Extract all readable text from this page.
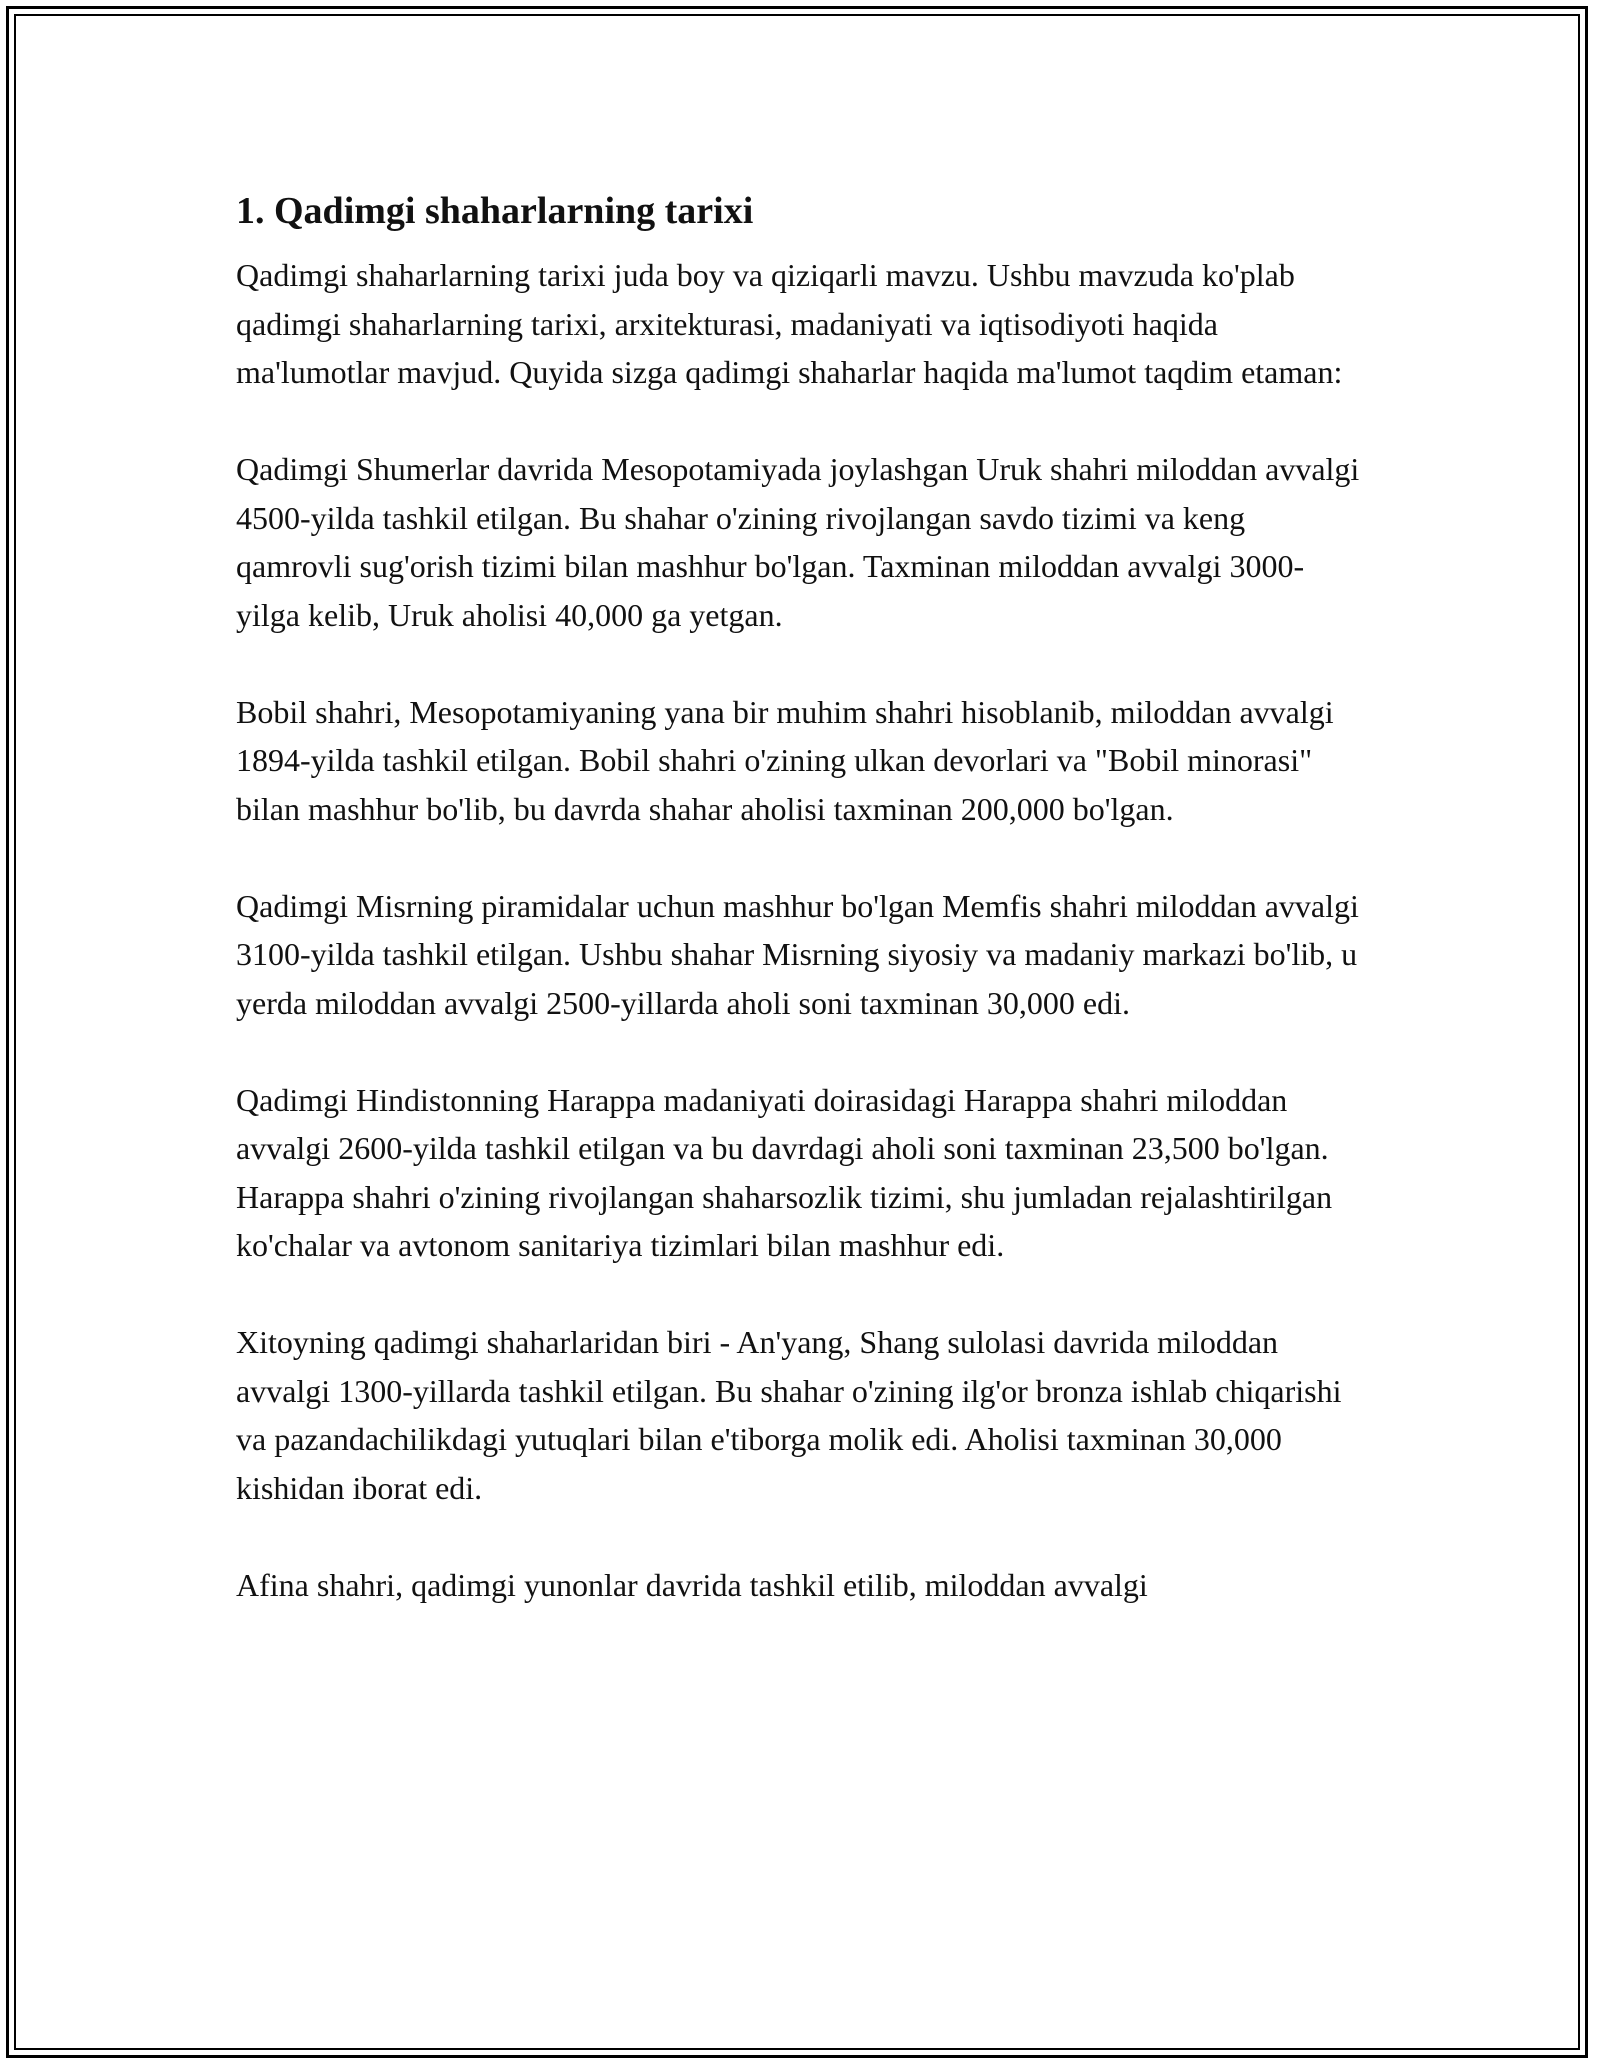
1. Qadimgi shaharlarning tarixi

Qadimgi shaharlarning tarixi juda boy va qiziqarli mavzu. Ushbu mavzuda ko'plab qadimgi shaharlarning tarixi, arxitekturasi, madaniyati va iqtisodiyoti haqida ma'lumotlar mavjud. Quyida sizga qadimgi shaharlar haqida ma'lumot taqdim etaman:

Qadimgi Shumerlar davrida Mesopotamiyada joylashgan Uruk shahri miloddan avvalgi 4500-yilda tashkil etilgan. Bu shahar o'zining rivojlangan savdo tizimi va keng qamrovli sug'orish tizimi bilan mashhur bo'lgan. Taxminan miloddan avvalgi 3000-yilga kelib, Uruk aholisi 40,000 ga yetgan.

Bobil shahri, Mesopotamiyaning yana bir muhim shahri hisoblanib, miloddan avvalgi 1894-yilda tashkil etilgan. Bobil shahri o'zining ulkan devorlari va "Bobil minorasi" bilan mashhur bo'lib, bu davrda shahar aholisi taxminan 200,000 bo'lgan.

Qadimgi Misrning piramidalar uchun mashhur bo'lgan Memfis shahri miloddan avvalgi 3100-yilda tashkil etilgan. Ushbu shahar Misrning siyosiy va madaniy markazi bo'lib, u yerda miloddan avvalgi 2500-yillarda aholi soni taxminan 30,000 edi.

Qadimgi Hindistonning Harappa madaniyati doirasidagi Harappa shahri miloddan avvalgi 2600-yilda tashkil etilgan va bu davrdagi aholi soni taxminan 23,500 bo'lgan. Harappa shahri o'zining rivojlangan shaharsozlik tizimi, shu jumladan rejalashtirilgan ko'chalar va avtonom sanitariya tizimlari bilan mashhur edi.

Xitoyning qadimgi shaharlaridan biri - An'yang, Shang sulolasi davrida miloddan avvalgi 1300-yillarda tashkil etilgan. Bu shahar o'zining ilg'or bronza ishlab chiqarishi va pazandachilikdagi yutuqlari bilan e'tiborga molik edi. Aholisi taxminan 30,000 kishidan iborat edi.

Afina shahri, qadimgi yunonlar davrida tashkil etilib, miloddan avvalgi
